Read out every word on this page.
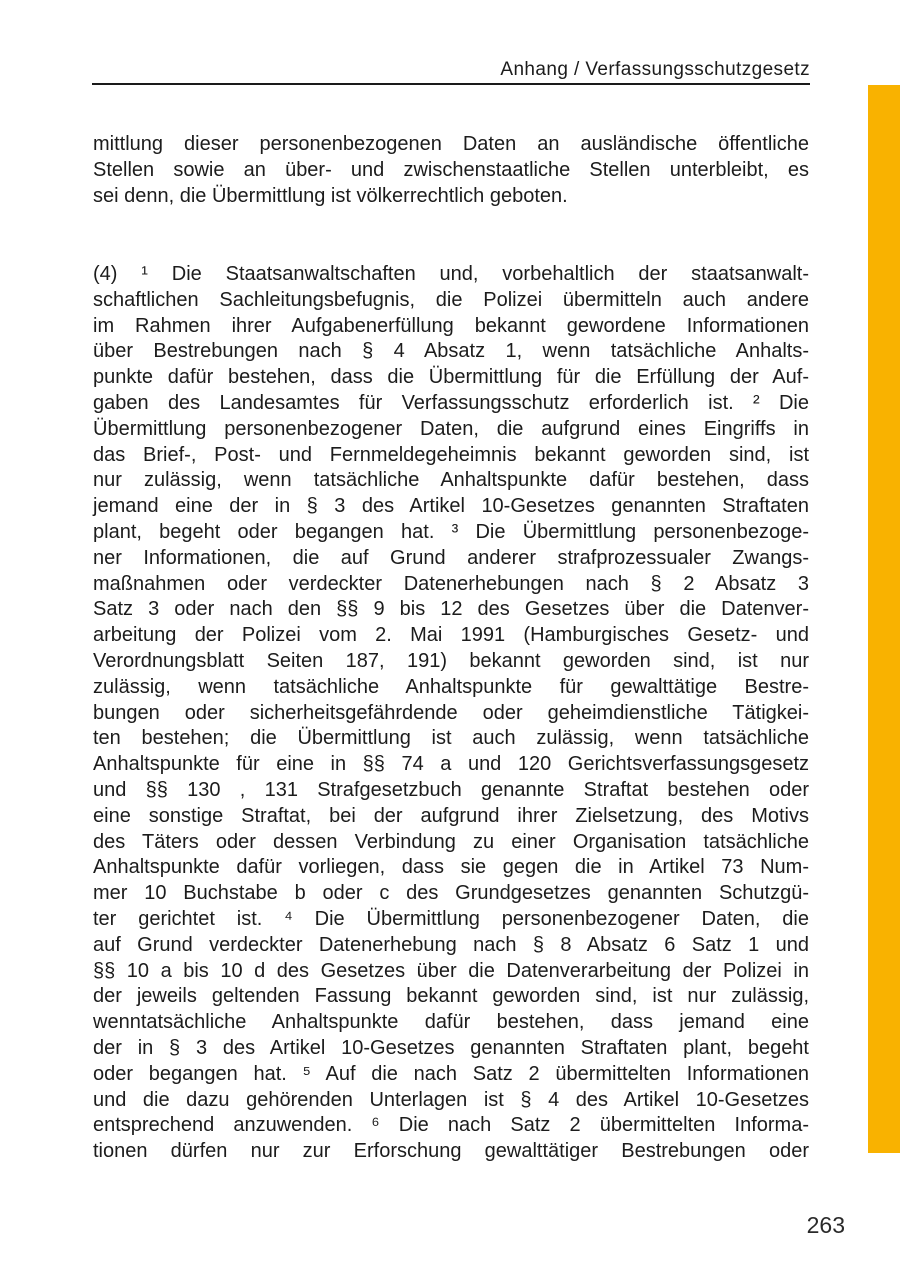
Anhang / Verfassungsschutzgesetz
mittlung dieser personenbezogenen Daten an ausländische öffentliche
Stellen sowie an über- und zwischenstaatliche Stellen unterbleibt, es
sei denn, die Übermittlung ist völkerrechtlich geboten.
(4) ¹ Die Staatsanwaltschaften und, vorbehaltlich der staatsanwalt-
schaftlichen Sachleitungsbefugnis, die Polizei übermitteln auch andere
im Rahmen ihrer Aufgabenerfüllung bekannt gewordene Informationen
über Bestrebungen nach § 4 Absatz 1, wenn tatsächliche Anhalts-
punkte dafür bestehen, dass die Übermittlung für die Erfüllung der Auf-
gaben des Landesamtes für Verfassungsschutz erforderlich ist. ² Die
Übermittlung personenbezogener Daten, die aufgrund eines Eingriffs in
das Brief-, Post- und Fernmeldegeheimnis bekannt geworden sind, ist
nur zulässig, wenn tatsächliche Anhaltspunkte dafür bestehen, dass
jemand eine der in § 3 des Artikel 10-Gesetzes genannten Straftaten
plant, begeht oder begangen hat. ³ Die Übermittlung personenbezoge-
ner Informationen, die auf Grund anderer strafprozessualer Zwangs-
maßnahmen oder verdeckter Datenerhebungen nach § 2 Absatz 3
Satz 3 oder nach den §§ 9 bis 12 des Gesetzes über die Datenver-
arbeitung der Polizei vom 2. Mai 1991 (Hamburgisches Gesetz- und
Verordnungsblatt Seiten 187, 191) bekannt geworden sind, ist nur
zulässig, wenn tatsächliche Anhaltspunkte für gewalttätige Bestre-
bungen oder sicherheitsgefährdende oder geheimdienstliche Tätigkei-
ten bestehen; die Übermittlung ist auch zulässig, wenn tatsächliche
Anhaltspunkte für eine in §§ 74 a und 120 Gerichtsverfassungsgesetz
und §§ 130 , 131 Strafgesetzbuch genannte Straftat bestehen oder
eine sonstige Straftat, bei der aufgrund ihrer Zielsetzung, des Motivs
des Täters oder dessen Verbindung zu einer Organisation tatsächliche
Anhaltspunkte dafür vorliegen, dass sie gegen die in Artikel 73 Num-
mer 10 Buchstabe b oder c des Grundgesetzes genannten Schutzgü-
ter gerichtet ist. ⁴ Die Übermittlung personenbezogener Daten, die
auf Grund verdeckter Datenerhebung nach § 8 Absatz 6 Satz 1 und
§§ 10 a bis 10 d des Gesetzes über die Datenverarbeitung der Polizei in
der jeweils geltenden Fassung bekannt geworden sind, ist nur zulässig,
wenntatsächliche Anhaltspunkte dafür bestehen, dass jemand eine
der in § 3 des Artikel 10-Gesetzes genannten Straftaten plant, begeht
oder begangen hat. ⁵ Auf die nach Satz 2 übermittelten Informationen
und die dazu gehörenden Unterlagen ist § 4 des Artikel 10-Gesetzes
entsprechend anzuwenden. ⁶ Die nach Satz 2 übermittelten Informa-
tionen dürfen nur zur Erforschung gewalttätiger Bestrebungen oder
263
